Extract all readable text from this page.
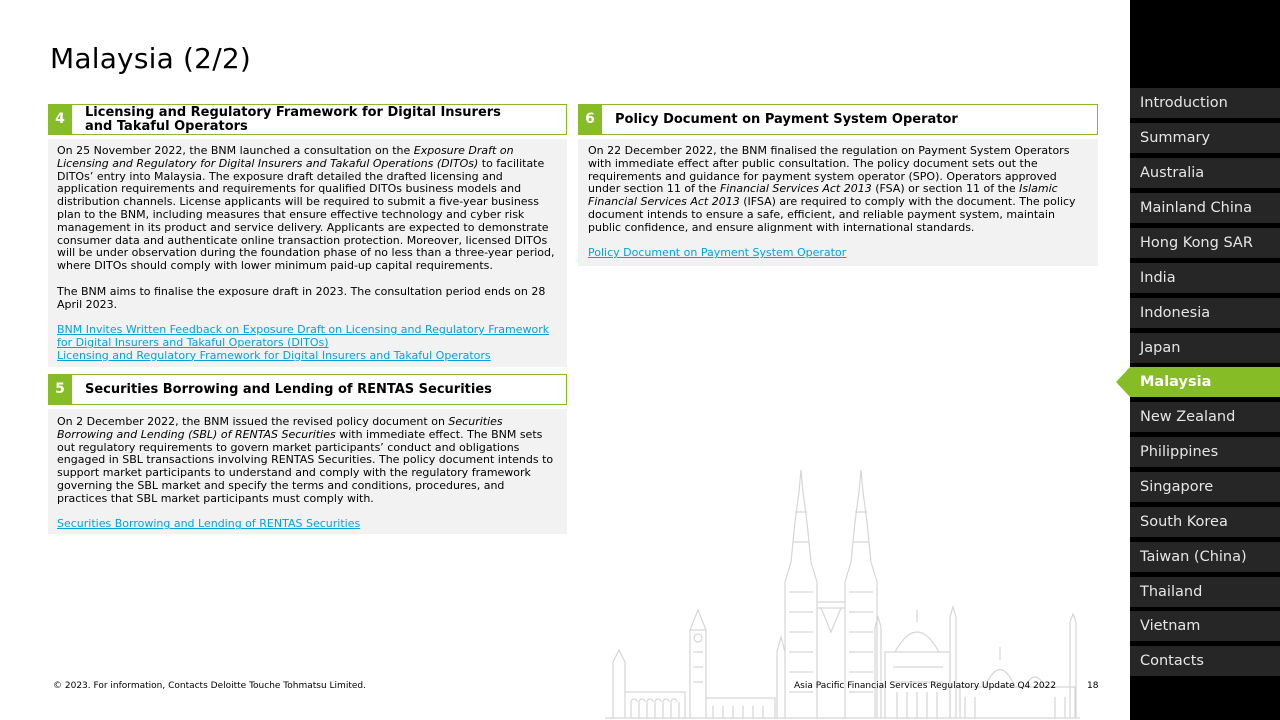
Malaysia (2/2)
4	Licensing and Regulatory Framework for Digital Insurers
and Takaful Operators

On 25 November 2022, the BNM launched a consultation on the Exposure Draft on Licensing and Regulatory for Digital Insurers and Takaful Operations (DITOs) to facilitate DITOs’ entry into Malaysia. The exposure draft detailed the drafted licensing and application requirements and requirements for qualified DITOs business models and distribution channels. License applicants will be required to submit a five-year business plan to the BNM, including measures that ensure effective technology and cyber risk management in its product and service delivery. Applicants are expected to demonstrate consumer data and authenticate online transaction protection. Moreover, licensed DITOs will be under observation during the foundation phase of no less than a three-year period, where DITOs should comply with lower minimum paid-up capital requirements.

The BNM aims to finalise the exposure draft in 2023. The consultation period ends on 28 April 2023.

BNM Invites Written Feedback on Exposure Draft on Licensing and Regulatory Framework for Digital Insurers and Takaful Operators (DITOs)
Licensing and Regulatory Framework for Digital Insurers and Takaful Operators
5	Securities Borrowing and Lending of RENTAS Securities

On 2 December 2022, the BNM issued the revised policy document on Securities Borrowing and Lending (SBL) of RENTAS Securities with immediate effect. The BNM sets out regulatory requirements to govern market participants’ conduct and obligations engaged in SBL transactions involving RENTAS Securities. The policy document intends to support market participants to understand and comply with the regulatory framework governing the SBL market and specify the terms and conditions, procedures, and practices that SBL market participants must comply with.

Securities Borrowing and Lending of RENTAS Securities
6	Policy Document on Payment System Operator

On 22 December 2022, the BNM finalised the regulation on Payment System Operators with immediate effect after public consultation. The policy document sets out the requirements and guidance for payment system operator (SPO). Operators approved under section 11 of the Financial Services Act 2013 (FSA) or section 11 of the Islamic Financial Services Act 2013 (IFSA) are required to comply with the document. The policy document intends to ensure a safe, efficient, and reliable payment system, maintain public confidence, and ensure alignment with international standards.

Policy Document on Payment System Operator
© 2023. For information, Contacts Deloitte Touche Tohmatsu Limited.	Asia Pacific Financial Services Regulatory Update Q4 2022	18
Introduction
Summary
Australia
Mainland China
Hong Kong SAR
India
Indonesia
Japan
Malaysia
New Zealand
Philippines
Singapore
South Korea
Taiwan (China)
Thailand
Vietnam
Contacts
